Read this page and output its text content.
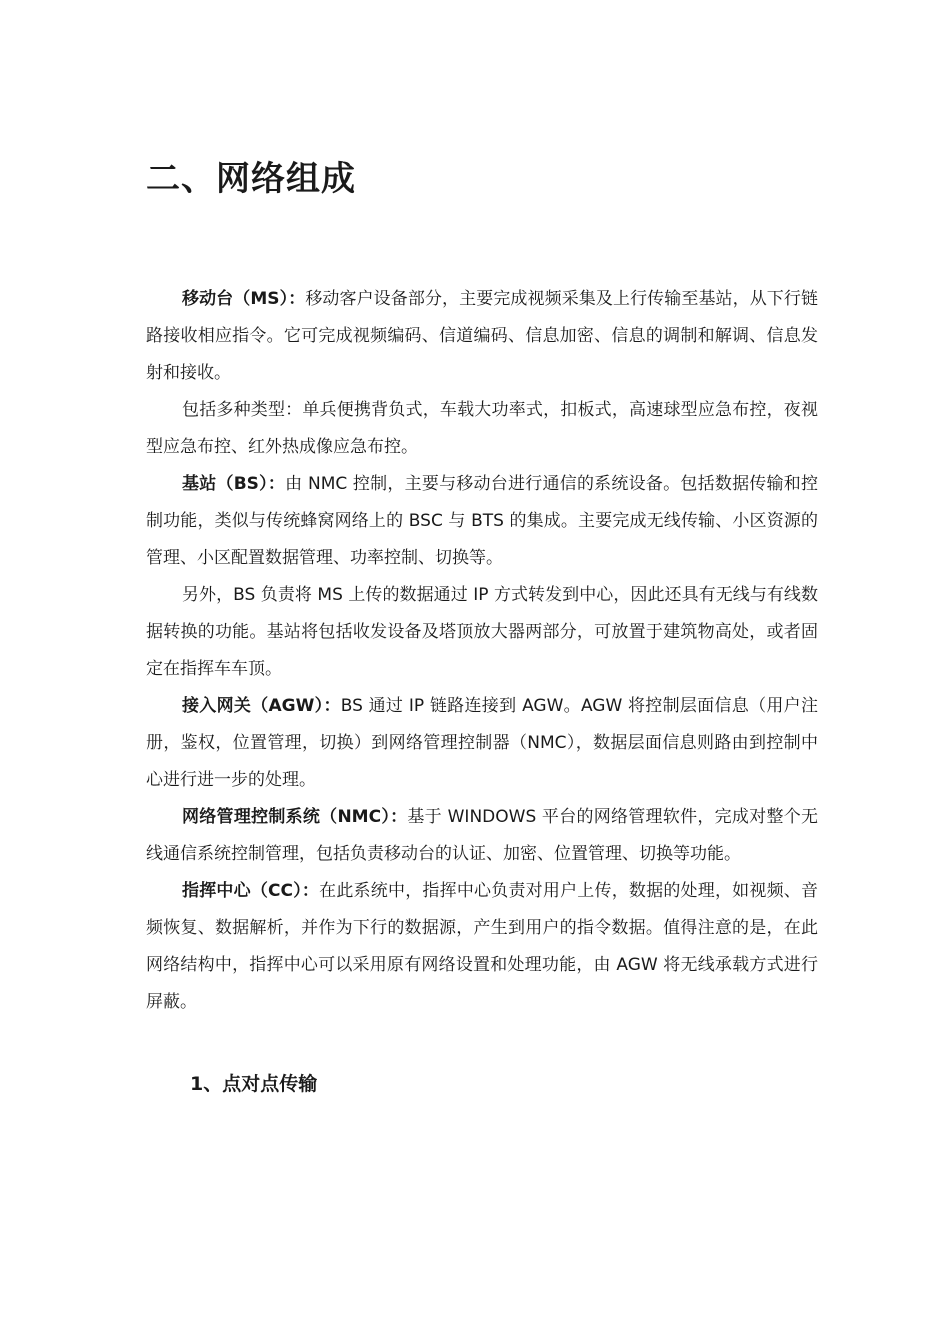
二、网络组成

移动台（MS）：移动客户设备部分，主要完成视频采集及上行传输至基站，从下行链路接收相应指令。它可完成视频编码、信道编码、信息加密、信息的调制和解调、信息发射和接收。

包括多种类型：单兵便携背负式，车载大功率式，扣板式，高速球型应急布控，夜视型应急布控、红外热成像应急布控。

基站（BS）：由 NMC 控制，主要与移动台进行通信的系统设备。包括数据传输和控制功能，类似与传统蜂窝网络上的 BSC 与 BTS 的集成。主要完成无线传输、小区资源的管理、小区配置数据管理、功率控制、切换等。

另外，BS 负责将 MS 上传的数据通过 IP 方式转发到中心，因此还具有无线与有线数据转换的功能。基站将包括收发设备及塔顶放大器两部分，可放置于建筑物高处，或者固定在指挥车车顶。

接入网关（AGW）：BS 通过 IP 链路连接到 AGW。AGW 将控制层面信息（用户注册，鉴权，位置管理，切换）到网络管理控制器（NMC），数据层面信息则路由到控制中心进行进一步的处理。

网络管理控制系统（NMC）：基于 WINDOWS 平台的网络管理软件，完成对整个无线通信系统控制管理，包括负责移动台的认证、加密、位置管理、切换等功能。

指挥中心（CC）：在此系统中，指挥中心负责对用户上传，数据的处理，如视频、音频恢复、数据解析，并作为下行的数据源，产生到用户的指令数据。值得注意的是，在此网络结构中，指挥中心可以采用原有网络设置和处理功能，由 AGW 将无线承载方式进行屏蔽。

1、点对点传输
